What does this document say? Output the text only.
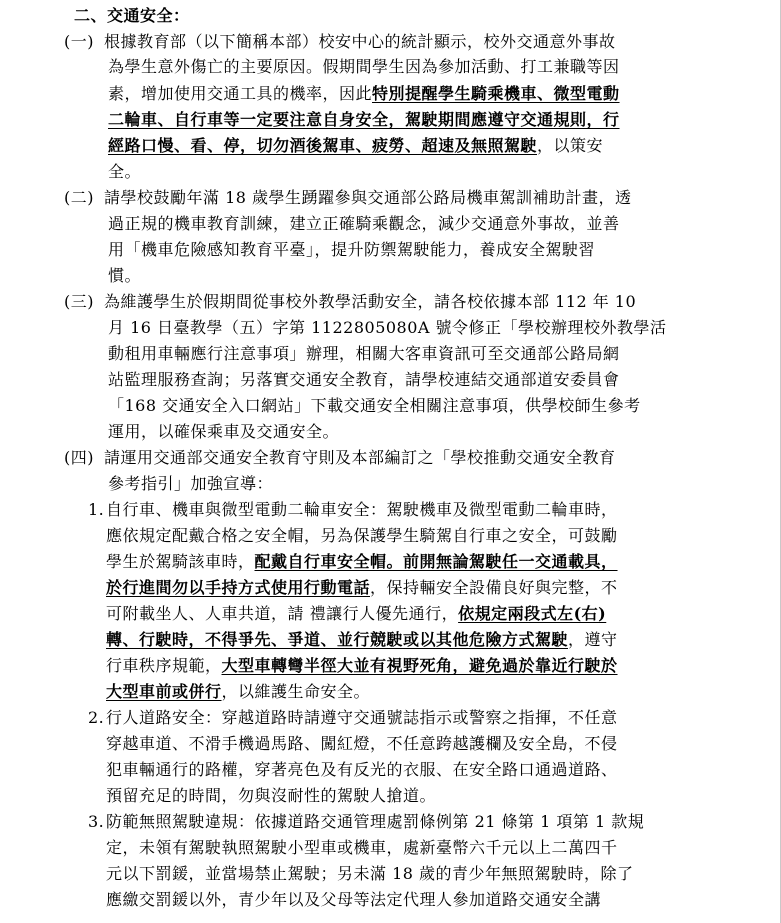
二、交通安全：
(一) 根據教育部（以下簡稱本部）校安中心的統計顯示，校外交通意外事故
為學生意外傷亡的主要原因。假期間學生因為參加活動、打工兼職等因
素，增加使用交通工具的機率，因此特別提醒學生騎乘機車、微型電動
二輪車、自行車等一定要注意自身安全，駕駛期間應遵守交通規則，行
經路口慢、看、停，切勿酒後駕車、疲勞、超速及無照駕駛，以策安
全。
(二) 請學校鼓勵年滿 18 歲學生踴躍參與交通部公路局機車駕訓補助計畫，透
過正規的機車教育訓練，建立正確騎乘觀念，減少交通意外事故，並善
用「機車危險感知教育平臺」，提升防禦駕駛能力，養成安全駕駛習
慣。
(三) 為維護學生於假期間從事校外教學活動安全，請各校依據本部 112 年 10
月 16 日臺教學（五）字第 1122805080A 號令修正「學校辦理校外教學活
動租用車輛應行注意事項」辦理，相關大客車資訊可至交通部公路局網
站監理服務查詢；另落實交通安全教育，請學校連結交通部道安委員會
「168 交通安全入口網站」下載交通安全相關注意事項，供學校師生參考
運用，以確保乘車及交通安全。
(四) 請運用交通部交通安全教育守則及本部編訂之「學校推動交通安全教育
參考指引」加強宣導：
1. 自行車、機車與微型電動二輪車安全：駕駛機車及微型電動二輪車時，
應依規定配戴合格之安全帽，另為保護學生騎駕自行車之安全，可鼓勵
學生於駕騎該車時，配戴自行車安全帽。前開無論駕駛任一交通載具，
於行進間勿以手持方式使用行動電話，保持輛安全設備良好與完整，不
可附載坐人、人車共道，請 禮讓行人優先通行，依規定兩段式左(右)
轉、行駛時，不得爭先、爭道、並行競駛或以其他危險方式駕駛，遵守
行車秩序規範，大型車轉彎半徑大並有視野死角，避免過於靠近行駛於
大型車前或併行，以維護生命安全。
2. 行人道路安全：穿越道路時請遵守交通號誌指示或警察之指揮，不任意
穿越車道、不滑手機過馬路、闖紅燈，不任意跨越護欄及安全島，不侵
犯車輛通行的路權，穿著亮色及有反光的衣服、在安全路口通過道路、
預留充足的時間，勿與沒耐性的駕駛人搶道。
3. 防範無照駕駛違規：依據道路交通管理處罰條例第 21 條第 1 項第 1 款規
定，未領有駕駛執照駕駛小型車或機車，處新臺幣六千元以上二萬四千
元以下罰鍰，並當場禁止駕駛；另未滿 18 歲的青少年無照駕駛時，除了
應繳交罰鍰以外，青少年以及父母等法定代理人參加道路交通安全講
